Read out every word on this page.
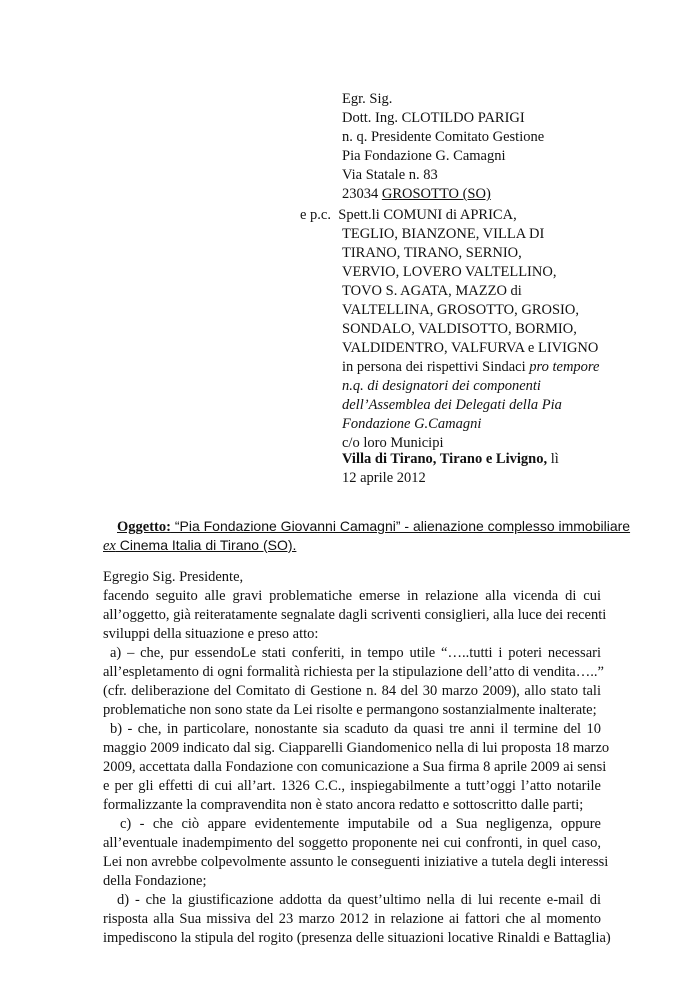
Egr. Sig.
Dott. Ing. CLOTILDO PARIGI
n. q. Presidente Comitato Gestione
Pia Fondazione G. Camagni
Via Statale n. 83
23034 GROSOTTO (SO)
e p.c. Spett.li COMUNI di APRICA,
TEGLIO, BIANZONE, VILLA DI
TIRANO, TIRANO, SERNIO,
VERVIO, LOVERO VALTELLINO,
TOVO S. AGATA, MAZZO di
VALTELLINA, GROSOTTO, GROSIO,
SONDALO, VALDISOTTO, BORMIO,
VALDIDENTRO, VALFURVA e LIVIGNO
in persona dei rispettivi Sindaci pro tempore
n.q. di designatori dei componenti
dell’Assemblea dei Delegati della Pia
Fondazione G.Camagni
c/o loro Municipi
Villa di Tirano, Tirano e Livigno, lì
12 aprile 2012
Oggetto: “Pia Fondazione Giovanni Camagni” - alienazione complesso immobiliare
ex Cinema Italia di Tirano (SO).
Egregio Sig. Presidente,
facendo seguito alle gravi problematiche emerse in relazione alla vicenda di cui
all’oggetto, già reiteratamente segnalate dagli scriventi consiglieri, alla luce dei recenti
sviluppi della situazione e preso atto:
a) – che, pur essendoLe stati conferiti, in tempo utile “…..tutti i poteri necessari
all’espletamento di ogni formalità richiesta per la stipulazione dell’atto di vendita…..”
(cfr. deliberazione del Comitato di Gestione n. 84 del 30 marzo 2009), allo stato tali
problematiche non sono state da Lei risolte e permangono sostanzialmente inalterate;
b) - che, in particolare, nonostante sia scaduto da quasi tre anni il termine del 10
maggio 2009 indicato dal sig. Ciapparelli Giandomenico nella di lui proposta 18 marzo
2009, accettata dalla Fondazione con comunicazione a Sua firma 8 aprile 2009 ai sensi
e per gli effetti di cui all’art. 1326 C.C., inspiegabilmente a tutt’oggi l’atto notarile
formalizzante la compravendita non è stato ancora redatto e sottoscritto dalle parti;
c) - che ciò appare evidentemente imputabile od a Sua negligenza, oppure
all’eventuale inadempimento del soggetto proponente nei cui confronti, in quel caso,
Lei non avrebbe colpevolmente assunto le conseguenti iniziative a tutela degli interessi
della Fondazione;
d) - che la giustificazione addotta da quest’ultimo nella di lui recente e-mail di
risposta alla Sua missiva del 23 marzo 2012 in relazione ai fattori che al momento
impediscono la stipula del rogito (presenza delle situazioni locative Rinaldi e Battaglia)
